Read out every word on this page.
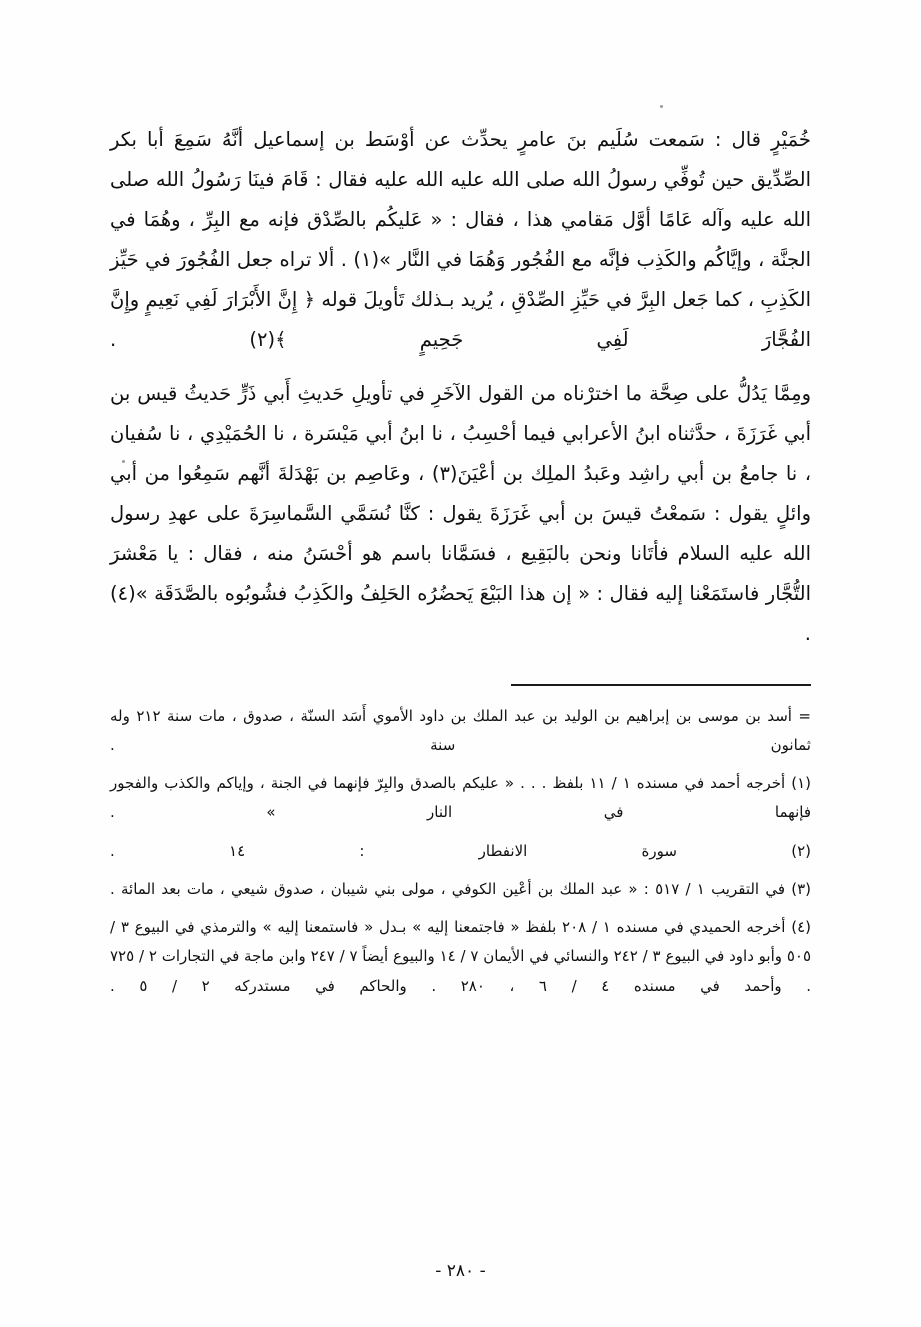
خُمَيْرٍ قال : سَمعت سُلَيم بنَ عامرٍ يحدِّث عن أوْسَط بن إسماعيل أنَّهُ سَمِعَ أبا بكر الصِّدِّيق حين تُوفِّي رسولُ الله صلى الله عليه الله عليه فقال : قَامَ فينَا رَسُولُ الله صلى الله عليه وآله عَامًا أوَّل مَقامي هذا ، فقال : « عَليكُم بالصِّدْق فإنه مع البِرِّ ، وهُمَا في الجنَّة ، وإيَّاكُم والكَذِب فإنَّه مع الفُجُور وَهُمَا في النَّار »(١) . ألا تراه جعل الفُجُورَ في حَيِّز الكَذِبِ ، كما جَعل البِرَّ في حَيِّزِ الصِّدْقِ ، يُريد بـذلك تَأويلَ قوله ﴿ إِنَّ الأَبْرَارَ لَفِي نَعِيمٍ وإِنَّ الفُجَّارَ لَفِي جَحِيمٍ ﴾(٢) .

ومِمَّا يَدُلُّ على صِحَّة ما اخترْناه من القول الآخَرِ في تأويلِ حَديثِ أَبي ذَرٍّ حَديثُ قيس بن أبي غَرَزَةَ ، حدَّثناه ابنُ الأعرابي فيما أحْسِبُ ، نا ابنُ أبي مَيْسَرة ، نا الحُمَيْدِي ، نا سُفيان ، نا جامعُ بن أبي راشِد وعَبدُ الملِك بن أعْيَنَ(٣) ، وعَاصِم بن بَهْدَلةَ أنَّهم سَمِعُوا من أبي وائلٍ يقول : سَمعْتُ قيسَ بن أبي غَرَزَةَ يقول : كنَّا نُسَمَّي السَّماسِرَةَ على عهدِ رسول الله عليه السلام فأتَانا ونحن بالبَقِيع ، فسَمَّانا باسم هو أحْسَنُ منه ، فقال : يا مَعْشرَ التُّجَّار فاستَمَعْنا إليه فقال : « إن هذا البَيْعَ يَحضُرُه الحَلِفُ والكَذِبُ فشُوبُوه بالصَّدَقَة »(٤) .

= أسد بن موسى بن إبراهيم بن الوليد بن عبد الملك بن داود الأموي أَسَد السنّة ، صدوق ، مات سنة ٢١٢ وله ثمانون سنة .

(١) أخرجه أحمد في مسنده ١ / ١١ بلفظ . . . « عليكم بالصدق والبِرّ فإنهما في الجنة ، وإياكم والكذب والفجور فإنهما في النار » .

(٢) سورة الانفطار : ١٤ .

(٣) في التقريب ١ / ٥١٧ : « عبد الملك بن أعْين الكوفي ، مولى بني شيبان ، صدوق شيعي ، مات بعد المائة .

(٤) أخرجه الحميدي في مسنده ١ / ٢٠٨ بلفظ « فاجتمعنا إليه » بـدل « فاستمعنا إليه » والترمذي في البيوع ٣ / ٥٠٥ وأبو داود في البيوع ٣ / ٢٤٢ والنسائي في الأيمان ٧ / ١٤ والبيوع أيضاً ٧ / ٢٤٧ وابن ماجة في التجارات ٢ / ٧٢٥ . وأحمد في مسنده ٤ / ٦ ، ٢٨٠ . والحاكم في مستدركه ٢ / ٥ .

- ٢٨٠ -
